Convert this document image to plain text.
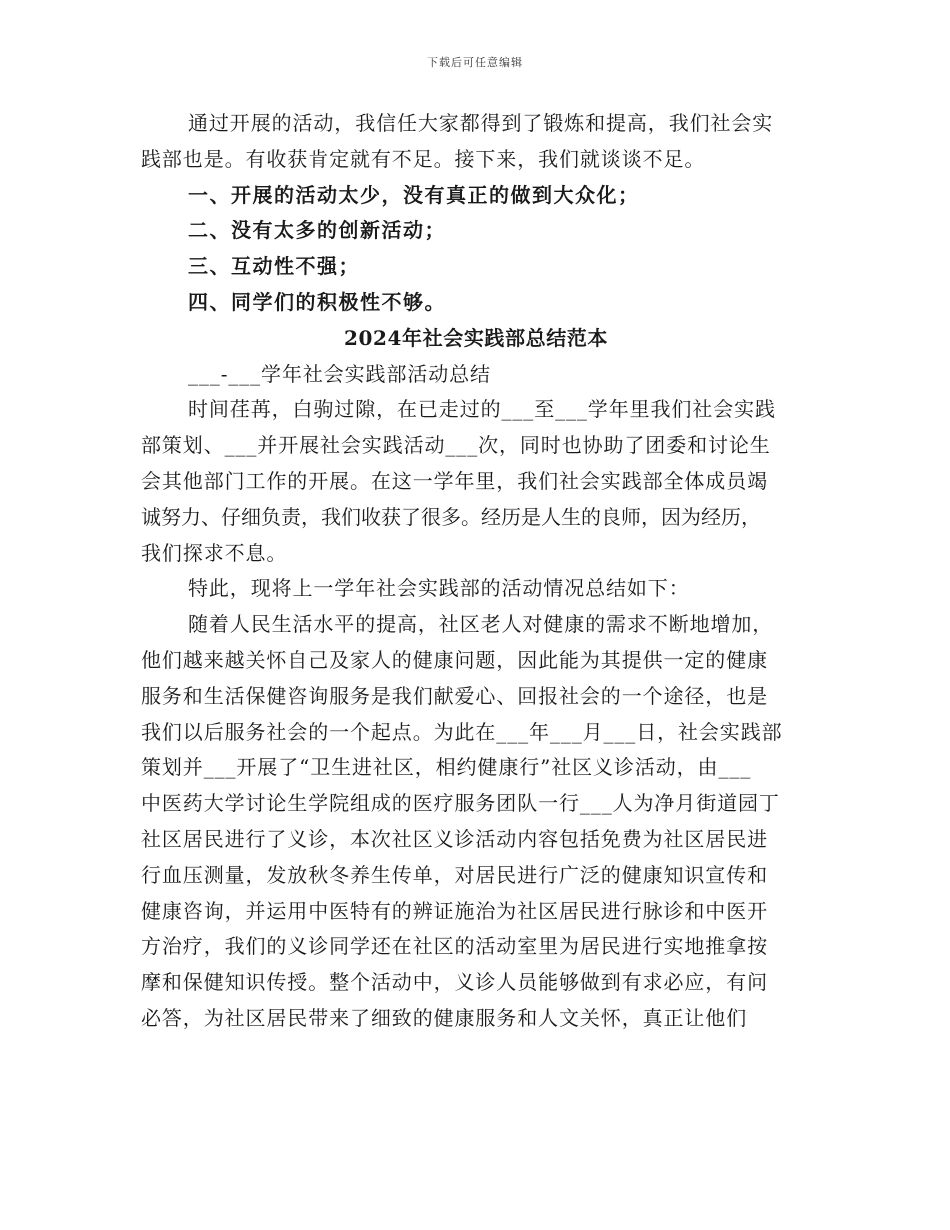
下载后可任意编辑
通过开展的活动，我信任大家都得到了锻炼和提高，我们社会实
践部也是。有收获肯定就有不足。接下来，我们就谈谈不足。
一、开展的活动太少，没有真正的做到大众化；
二、没有太多的创新活动；
三、互动性不强；
四、同学们的积极性不够。
2024年社会实践部总结范本
___-___学年社会实践部活动总结
时间荏苒，白驹过隙，在已走过的___至___学年里我们社会实践
部策划、___并开展社会实践活动___次，同时也协助了团委和讨论生
会其他部门工作的开展。在这一学年里，我们社会实践部全体成员竭
诚努力、仔细负责，我们收获了很多。经历是人生的良师，因为经历，
我们探求不息。
特此，现将上一学年社会实践部的活动情况总结如下：
随着人民生活水平的提高，社区老人对健康的需求不断地增加，
他们越来越关怀自己及家人的健康问题，因此能为其提供一定的健康
服务和生活保健咨询服务是我们献爱心、回报社会的一个途径，也是
我们以后服务社会的一个起点。为此在___年___月___日，社会实践部
策划并___开展了“卫生进社区，相约健康行”社区义诊活动，由___
中医药大学讨论生学院组成的医疗服务团队一行___人为净月街道园丁
社区居民进行了义诊，本次社区义诊活动内容包括免费为社区居民进
行血压测量，发放秋冬养生传单，对居民进行广泛的健康知识宣传和
健康咨询，并运用中医特有的辨证施治为社区居民进行脉诊和中医开
方治疗，我们的义诊同学还在社区的活动室里为居民进行实地推拿按
摩和保健知识传授。整个活动中，义诊人员能够做到有求必应，有问
必答，为社区居民带来了细致的健康服务和人文关怀，真正让他们
